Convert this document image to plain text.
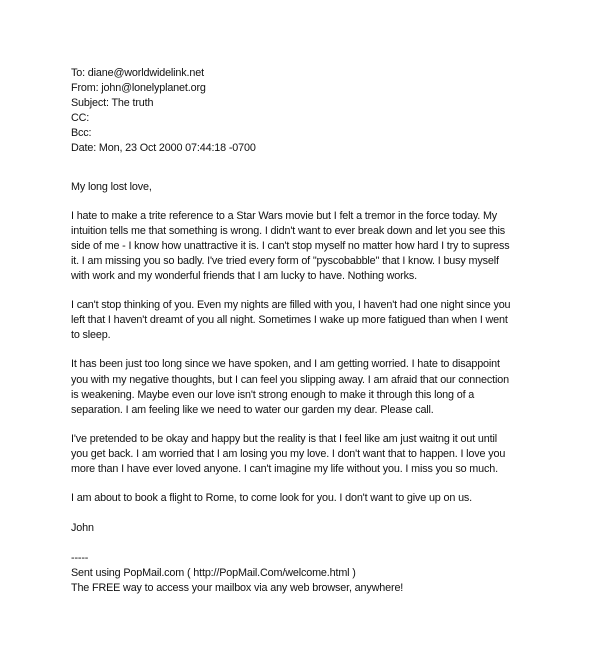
To: diane@worldwidelink.net
From: john@lonelyplanet.org
Subject: The truth
CC:
Bcc:
Date: Mon, 23 Oct 2000 07:44:18 -0700
My long lost love,
I hate to make a trite reference to a Star Wars movie but I felt a tremor in the force today. My
intuition tells me that something is wrong. I didn't want to ever break down and let you see this
side of me - I know how unattractive it is. I can't stop myself no matter how hard I try to supress
it. I am missing you so badly. I've tried every form of "pyscobabble" that I know. I busy myself
with work and my wonderful friends that I am lucky to have. Nothing works.
I can't stop thinking of you. Even my nights are filled with you, I haven't had one night since you
left that I haven't dreamt of you all night. Sometimes I wake up more fatigued than when I went
to sleep.
It has been just too long since we have spoken, and I am getting worried. I hate to disappoint
you with my negative thoughts, but I can feel you slipping away. I am afraid that our connection
is weakening. Maybe even our love isn't strong enough to make it through this long of a
separation. I am feeling like we need to water our garden my dear. Please call.
I've pretended to be okay and happy but the reality is that I feel like am just waitng it out until
you get back. I am worried that I am losing you my love. I don't want that to happen. I love you
more than I have ever loved anyone. I can't imagine my life without you. I miss you so much.
I am about to book a flight to Rome, to come look for you. I don't want to give up on us.
John
-----
Sent using PopMail.com ( http://PopMail.Com/welcome.html )
The FREE way to access your mailbox via any web browser, anywhere!
